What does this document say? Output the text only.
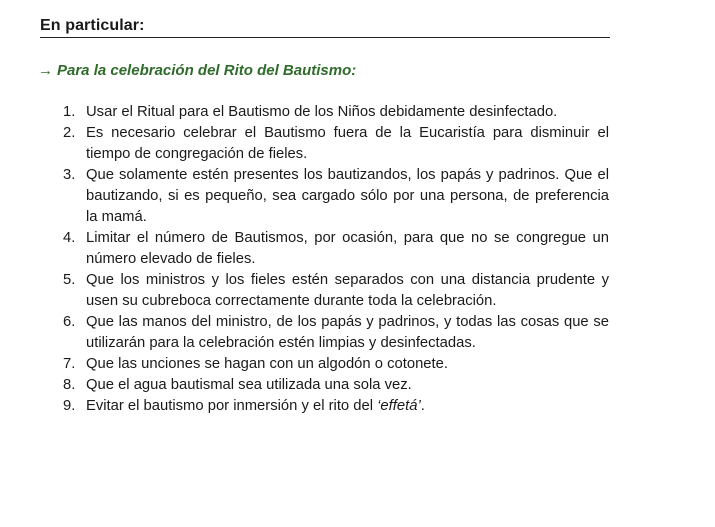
En particular:
→ Para la celebración del Rito del Bautismo:
1. Usar el Ritual para el Bautismo de los Niños debidamente desinfectado.
2. Es necesario celebrar el Bautismo fuera de la Eucaristía para disminuir el tiempo de congregación de fieles.
3. Que solamente estén presentes los bautizandos, los papás y padrinos. Que el bautizando, si es pequeño, sea cargado sólo por una persona, de preferencia la mamá.
4. Limitar el número de Bautismos, por ocasión, para que no se congregue un número elevado de fieles.
5. Que los ministros y los fieles estén separados con una distancia prudente y usen su cubreboca correctamente durante toda la celebración.
6. Que las manos del ministro, de los papás y padrinos, y todas las cosas que se utilizarán para la celebración estén limpias y desinfectadas.
7. Que las unciones se hagan con un algodón o cotonete.
8. Que el agua bautismal sea utilizada una sola vez.
9. Evitar el bautismo por inmersión y el rito del ‘effetá’.
